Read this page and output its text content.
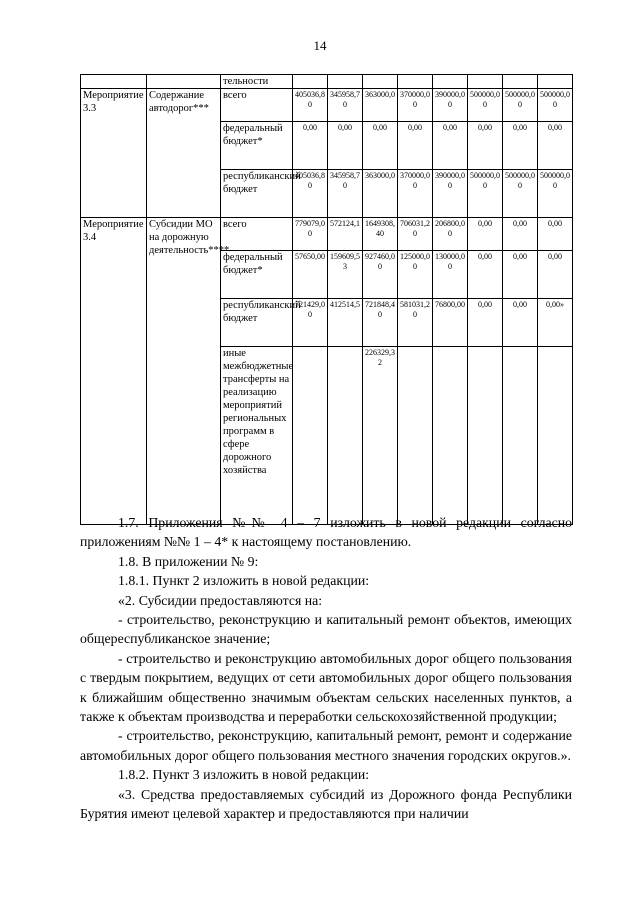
14
		тельности								
Мероприятие 3.3	Содержание автодорог***	всего	405036,80	345958,70	363000,0	370000,00	390000,00	500000,00	500000,00	500000,00
		федеральный бюджет*	0,00	0,00	0,00	0,00	0,00	0,00	0,00	0,00
		республиканский бюджет	405036,80	345958,70	363000,0	370000,00	390000,00	500000,00	500000,00	500000,00
Мероприятие 3.4	Субсидии МО на дорожную деятельность****	всего	779079,00	572124,1	1649308,40	706031,20	206800,00	0,00	0,00	0,00
		федеральный бюджет*	57650,00	159609,53	927460,00	125000,00	130000,00	0,00	0,00	0,00
		республиканский бюджет	721429,00	412514,5	721848,40	581031,20	76800,00	0,00	0,00	0,00»
		иные межбюджетные трансферты на реализацию мероприятий региональных программ в сфере дорожного хозяйства			226329,32					

1.7. Приложения №№ 4 – 7 изложить в новой редакции согласно приложениям №№ 1 – 4* к настоящему постановлению.

1.8. В приложении № 9:

1.8.1. Пункт 2 изложить в новой редакции:

«2. Субсидии предоставляются на:

- строительство, реконструкцию и капитальный ремонт объектов, имеющих общереспубликанское значение;

- строительство и реконструкцию автомобильных дорог общего пользования с твердым покрытием, ведущих от сети автомобильных дорог общего пользования к ближайшим общественно значимым объектам сельских населенных пунктов, а также к объектам производства и переработки сельскохозяйственной продукции;

- строительство, реконструкцию, капитальный ремонт, ремонт и содержание автомобильных дорог общего пользования местного значения городских округов.».

1.8.2. Пункт 3 изложить в новой редакции:

«3. Средства предоставляемых субсидий из Дорожного фонда Республики Бурятия имеют целевой характер и предоставляются при наличии
